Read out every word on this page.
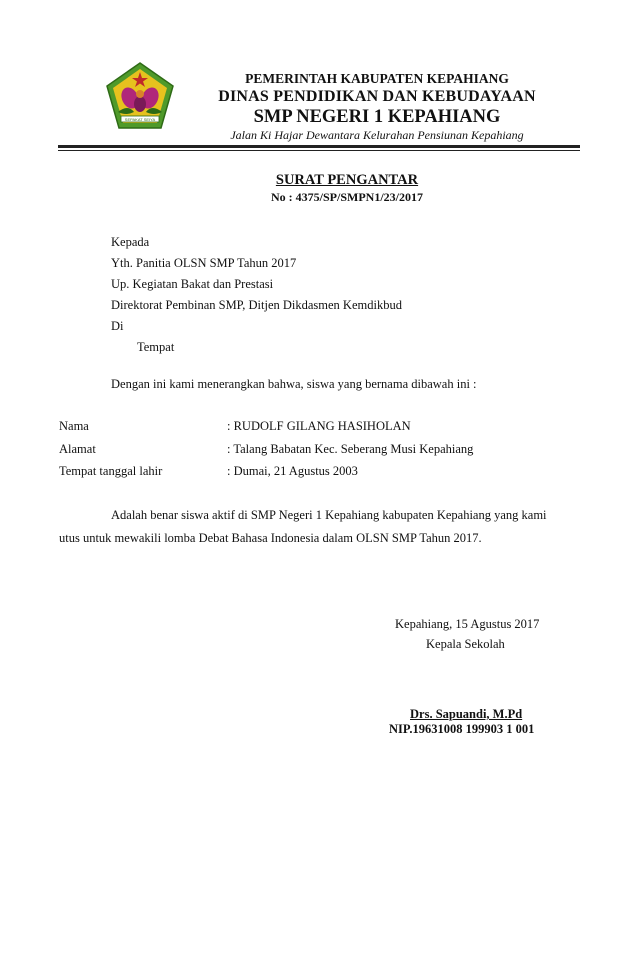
SEPAKAT SEIYA
PEMERINTAH KABUPATEN KEPAHIANG
DINAS PENDIDIKAN DAN KEBUDAYAAN
SMP NEGERI 1 KEPAHIANG
Jalan Ki Hajar Dewantara Kelurahan Pensiunan Kepahiang
SURAT PENGANTAR
No : 4375/SP/SMPN1/23/2017
Kepada
Yth. Panitia OLSN SMP Tahun 2017
Up. Kegiatan Bakat dan Prestasi
Direktorat Pembinan SMP, Ditjen Dikdasmen Kemdikbud
Di
Tempat
Dengan ini kami menerangkan bahwa, siswa yang bernama dibawah ini :
Nama	: RUDOLF GILANG HASIHOLAN
Alamat	: Talang Babatan Kec. Seberang Musi Kepahiang
Tempat tanggal lahir	: Dumai, 21 Agustus 2003
Adalah benar siswa aktif di SMP Negeri 1 Kepahiang kabupaten Kepahiang yang kami
utus untuk mewakili lomba Debat Bahasa Indonesia dalam OLSN SMP Tahun 2017.
Kepahiang, 15 Agustus 2017
Kepala Sekolah
Drs. Sapuandi, M.Pd
NIP.19631008 199903 1 001
